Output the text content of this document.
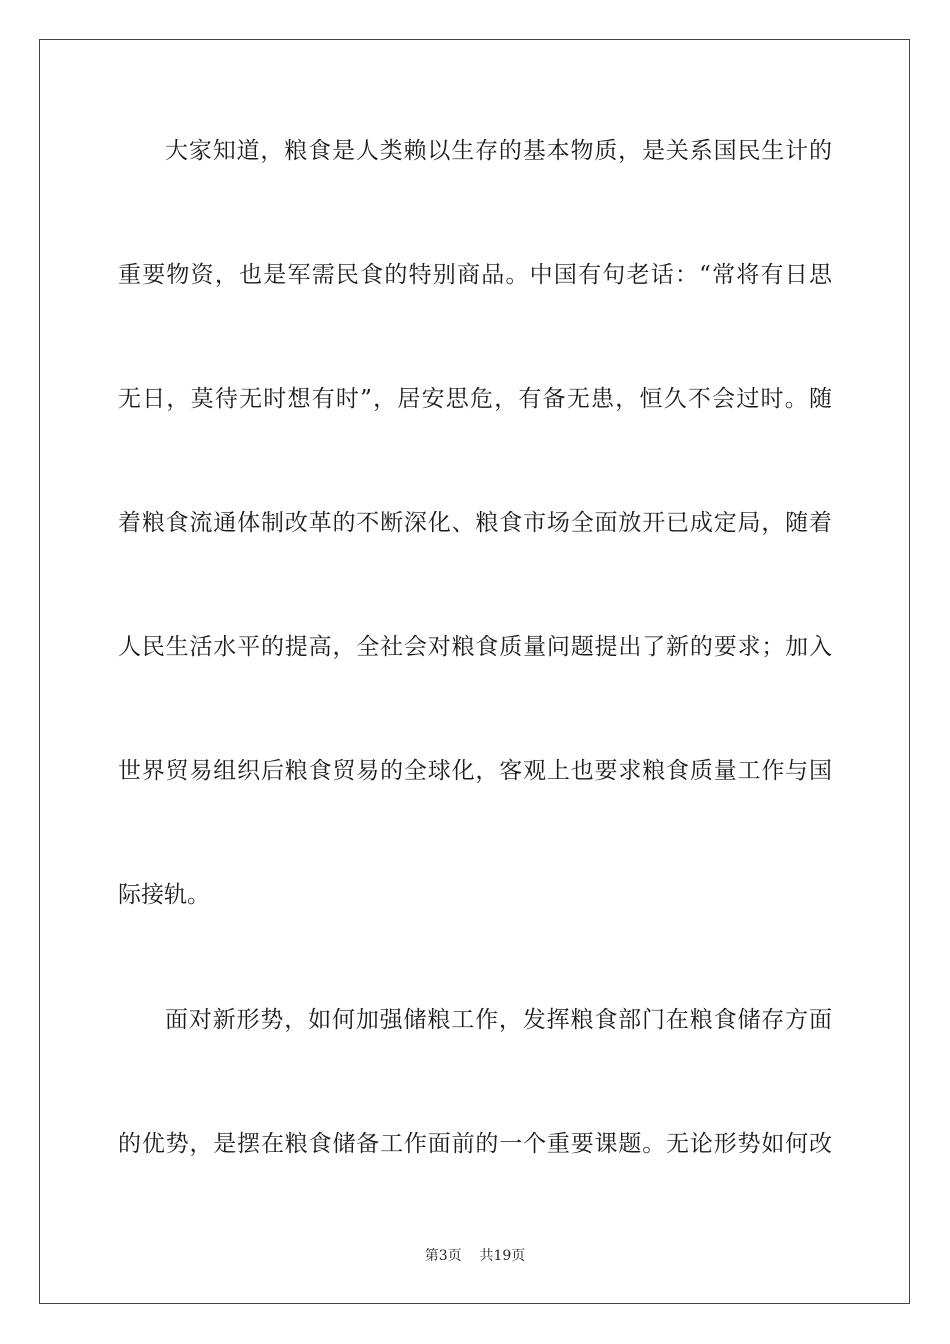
大家知道，粮食是人类赖以生存的基本物质，是关系国民生计的
重要物资，也是军需民食的特别商品。中国有句老话：“常将有日思
无日，莫待无时想有时”，居安思危，有备无患，恒久不会过时。随
着粮食流通体制改革的不断深化、粮食市场全面放开已成定局，随着
人民生活水平的提高，全社会对粮食质量问题提出了新的要求；加入
世界贸易组织后粮食贸易的全球化，客观上也要求粮食质量工作与国
际接轨。
面对新形势，如何加强储粮工作，发挥粮食部门在粮食储存方面
的优势，是摆在粮食储备工作面前的一个重要课题。无论形势如何改
第3页 共19页
